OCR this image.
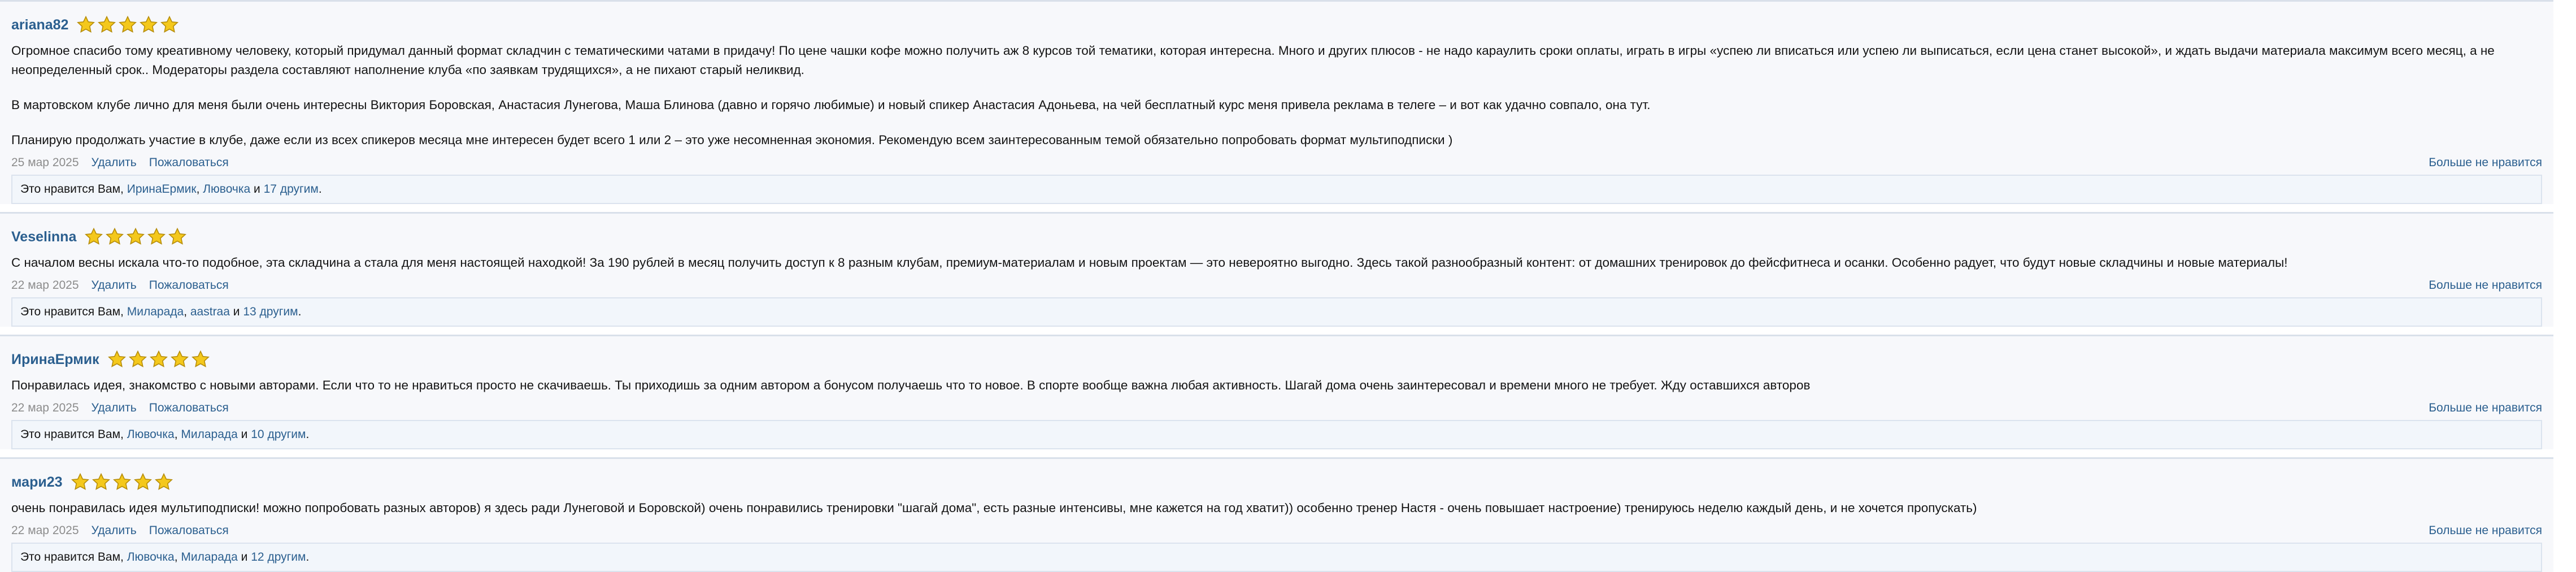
ariana82

Огромное спасибо тому креативному человеку, который придумал данный формат складчин с тематическими чатами в придачу! По цене чашки кофе можно получить аж 8 курсов той тематики, которая интересна. Много и других плюсов - не надо караулить сроки оплаты, играть в игры «успею ли вписаться или успею ли выписаться, если цена станет высокой», и ждать выдачи материала максимум всего месяц, а не неопределенный срок.. Модераторы раздела составляют наполнение клуба «по заявкам трудящихся», а не пихают старый неликвид.

В мартовском клубе лично для меня были очень интересны Виктория Боровская, Анастасия Лунегова, Маша Блинова (давно и горячо любимые) и новый спикер Анастасия Адоньева, на чей бесплатный курс меня привела реклама в телеге – и вот как удачно совпало, она тут.

Планирую продолжать участие в клубе, даже если из всех спикеров месяца мне интересен будет всего 1 или 2 – это уже несомненная экономия. Рекомендую всем заинтересованным темой обязательно попробовать формат мультиподписки )

25 мар 2025 Удалить Пожаловаться	Больше не нравится
Это нравится Вам,
ИринаЕрмик ,
Лювочка
и
17 другим .
Veselinna

С началом весны искала что-то подобное, эта складчина а стала для меня настоящей находкой! За 190 рублей в месяц получить доступ к 8 разным клубам, премиум-материалам и новым проектам — это невероятно выгодно. Здесь такой разнообразный контент: от домашних тренировок до фейсфитнеса и осанки. Особенно радует, что будут новые складчины и новые материалы!

22 мар 2025 Удалить Пожаловаться	Больше не нравится
Это нравится Вам,
Миларада ,
aastraa
и
13 другим .
ИринаЕрмик

Понравилась идея, знакомство с новыми авторами. Если что то не нравиться просто не скачиваешь. Ты приходишь за одним автором а бонусом получаешь что то новое. В спорте вообще важна любая активность. Шагай дома очень заинтересовал и времени много не требует. Жду оставшихся авторов

22 мар 2025 Удалить Пожаловаться	Больше не нравится
Это нравится Вам,
Лювочка ,
Миларада
и
10 другим .
мари23

очень понравилась идея мультиподписки! можно попробовать разных авторов) я здесь ради Лунеговой и Боровской) очень понравились тренировки "шагай дома", есть разные интенсивы, мне кажется на год хватит)) особенно тренер Настя - очень повышает настроение) тренируюсь неделю каждый день, и не хочется пропускать)

22 мар 2025 Удалить Пожаловаться	Больше не нравится
Это нравится Вам,
Лювочка ,
Миларада
и
12 другим .
